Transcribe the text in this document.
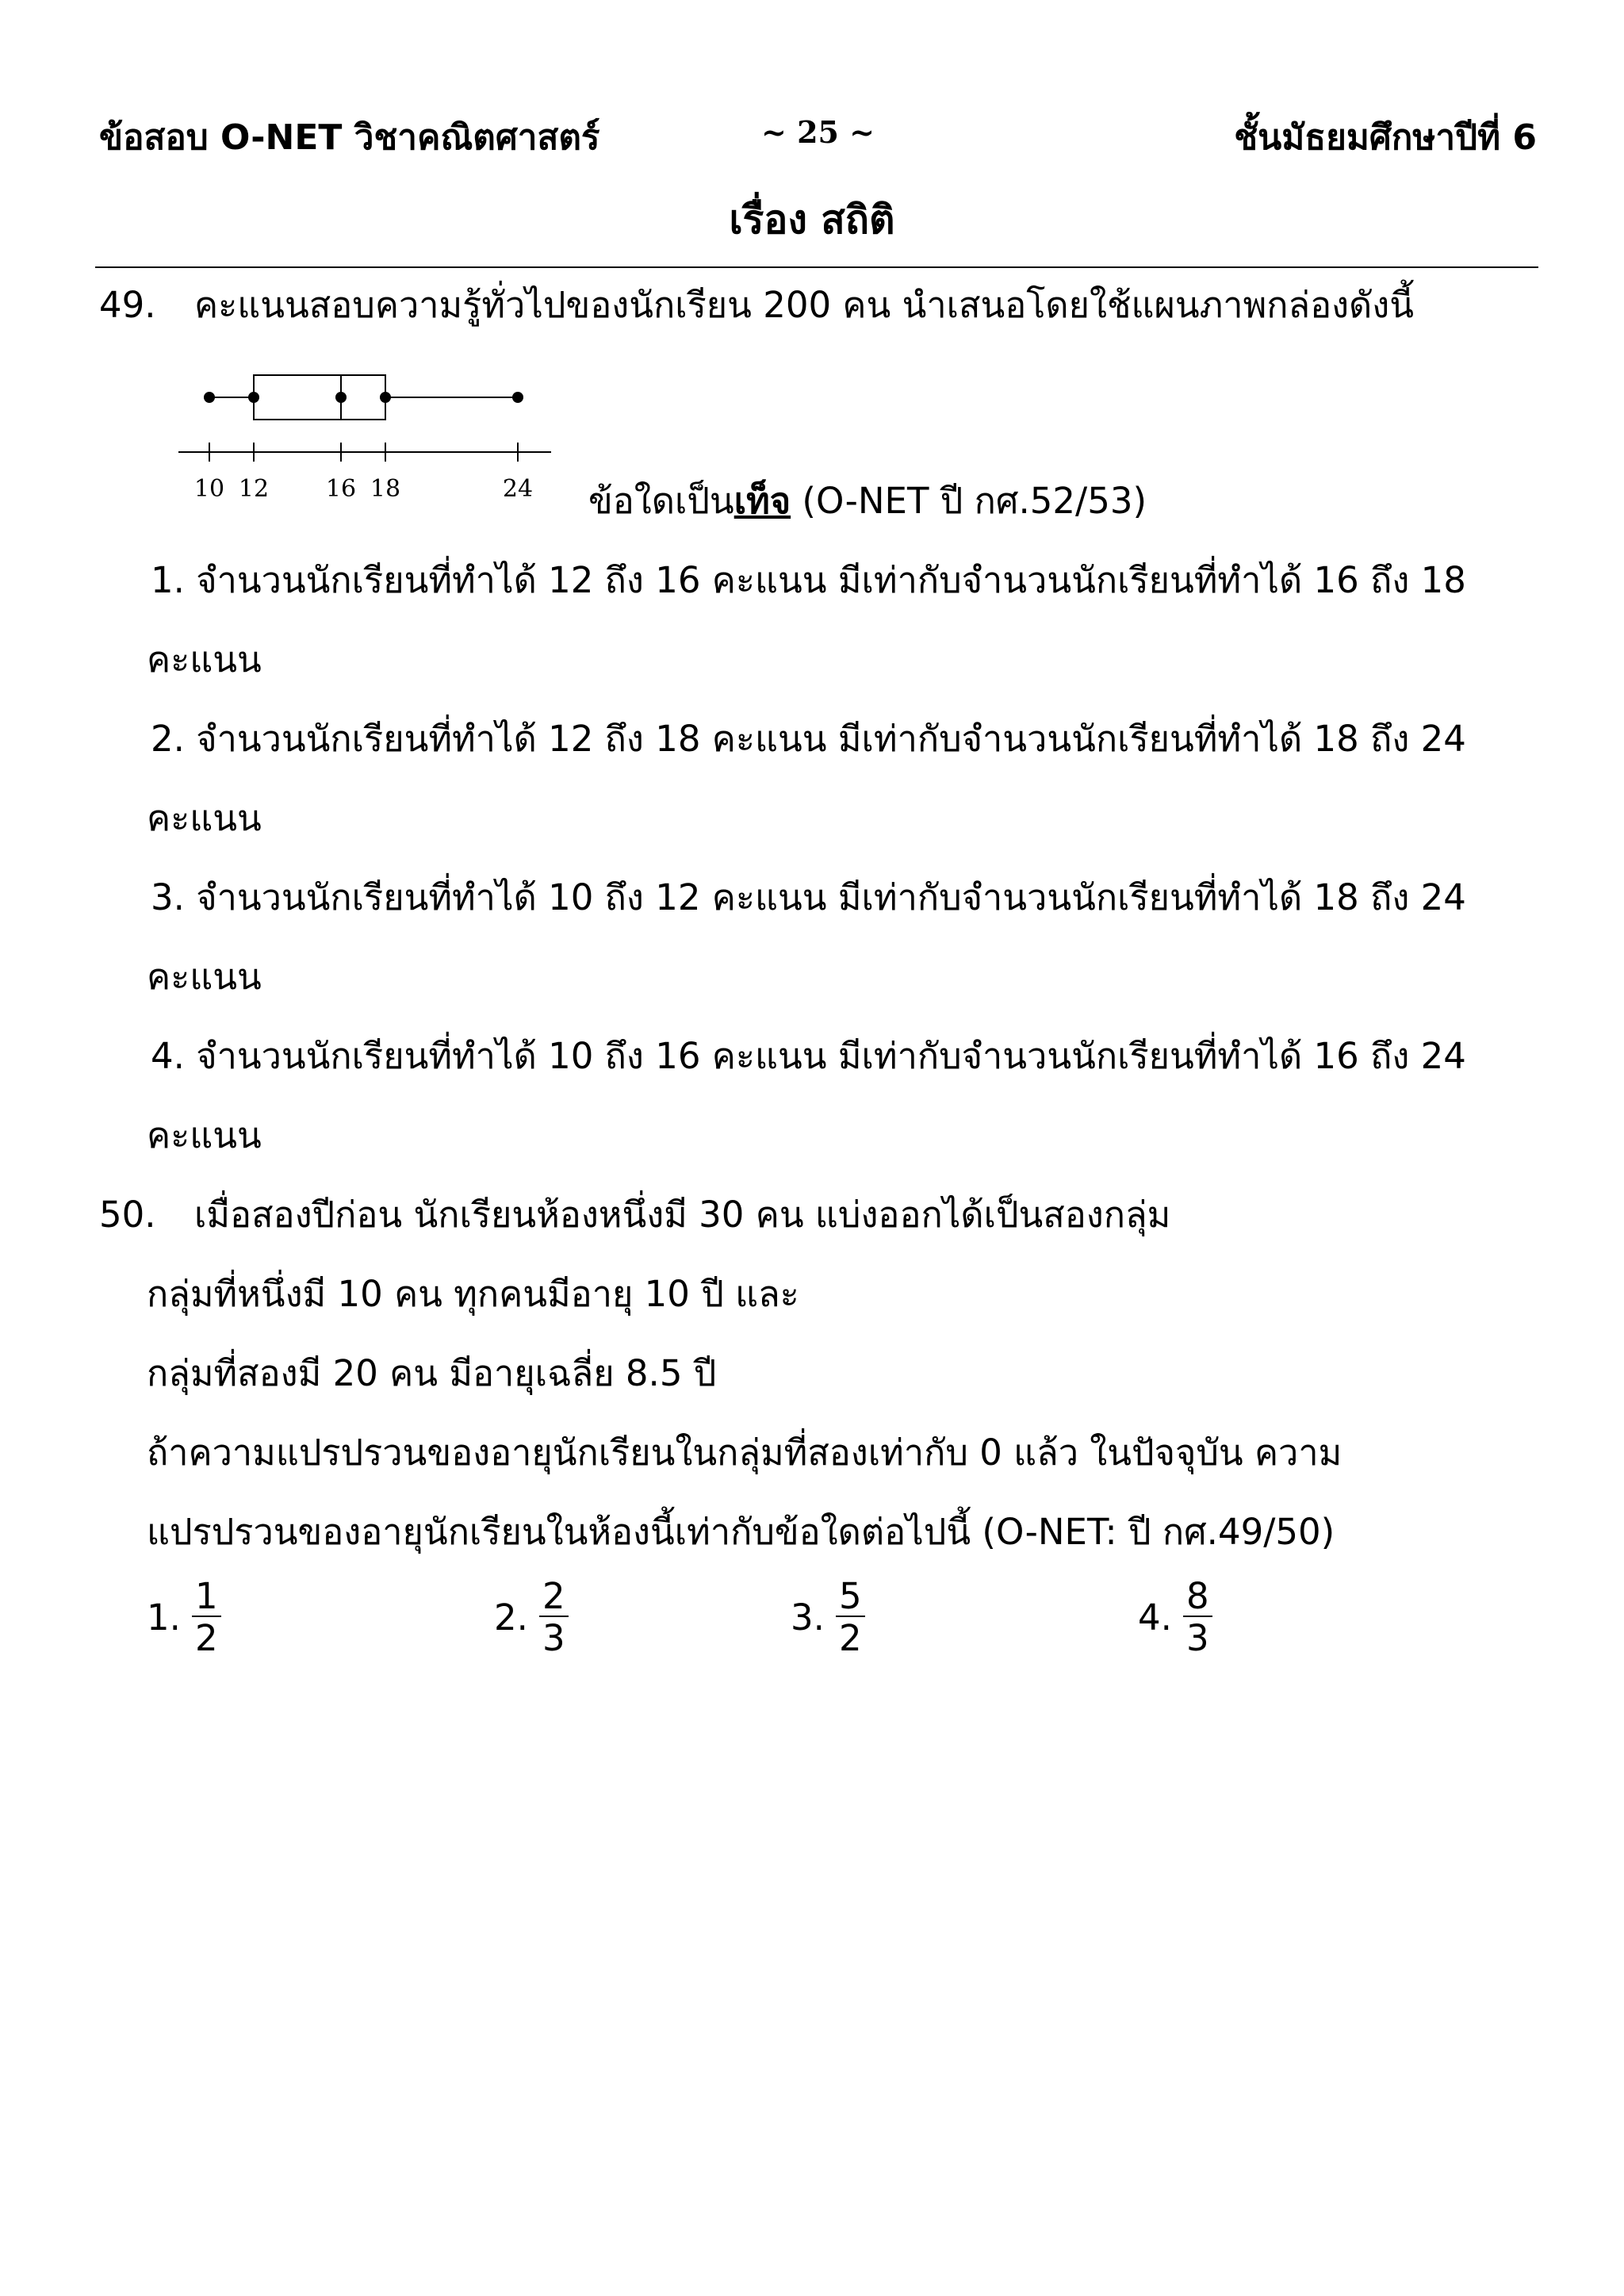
ข้อสอบ O-NET วิชาคณิตศาสตร์	~ 25 ~	ชั้นมัธยมศึกษาปีที่ 6
เรื่อง สถิติ
49. คะแนนสอบความรู้ทั่วไปของนักเรียน 200 คน นำเสนอโดยใช้แผนภาพกล่องดังนี้
10 12 16 18	24 ข้อใดเป็นเท็จ (O-NET ปี กศ.52/53)
1. จำนวนนักเรียนที่ทำได้ 12 ถึง 16 คะแนน มีเท่ากับจำนวนนักเรียนที่ทำได้ 16 ถึง 18
คะแนน
2. จำนวนนักเรียนที่ทำได้ 12 ถึง 18 คะแนน มีเท่ากับจำนวนนักเรียนที่ทำได้ 18 ถึง 24
คะแนน
3. จำนวนนักเรียนที่ทำได้ 10 ถึง 12 คะแนน มีเท่ากับจำนวนนักเรียนที่ทำได้ 18 ถึง 24
คะแนน
4. จำนวนนักเรียนที่ทำได้ 10 ถึง 16 คะแนน มีเท่ากับจำนวนนักเรียนที่ทำได้ 16 ถึง 24
คะแนน
50. เมื่อสองปีก่อน นักเรียนห้องหนึ่งมี 30 คน แบ่งออกได้เป็นสองกลุ่ม
กลุ่มที่หนึ่งมี 10 คน ทุกคนมีอายุ 10 ปี และ
กลุ่มที่สองมี 20 คน มีอายุเฉลี่ย 8.5 ปี
ถ้าความแปรปรวนของอายุนักเรียนในกลุ่มที่สองเท่ากับ 0 แล้ว ในปัจจุบัน ความ
แปรปรวนของอายุนักเรียนในห้องนี้เท่ากับข้อใดต่อไปนี้ (O-NET: ปี กศ.49/50)
1. $\frac{1}{2}$	2. $\frac{2}{3}$	3. $\frac{5}{2}$	4. $\frac{8}{3}$
